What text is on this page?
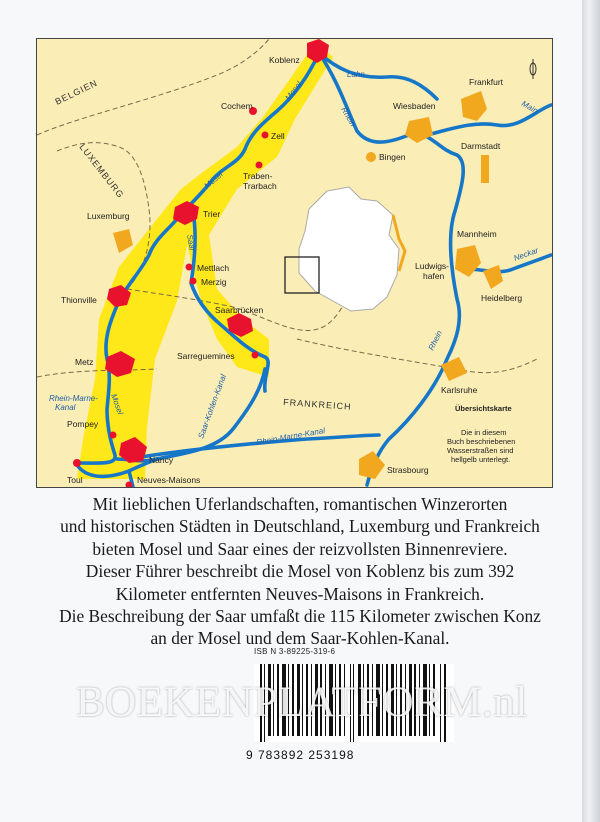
BELGIEN
LUXEMBURG
FRANKREICH
Koblenz
Cochem
Zell
Traben-
Trarbach
Trier
Mettlach
Merzig
Saarbrücken
Sarreguemines
Luxemburg
Thionville
Metz
Pompey
Nancy
Toul	Neuves-Maisons
Frankfurt
Wiesbaden
Darmstadt
Bingen
Mannheim
Ludwigs-
hafen
Heidelberg
Karlsruhe
Strasbourg
Lahn
Main
Rhein
Neckar
Rhein
Mosel
Mosel
Mosel
Saar
Saar-Kohlen-Kanal	Rhein-Marne-Kanal
Rhein-Marne-
Kanal	Übersichtskarte
Die in diesem
Buch beschriebenen
Wasserstraßen sind
hellgelb unterlegt.
Mit lieblichen Uferlandschaften, romantischen Winzerorten
und historischen Städten in Deutschland, Luxemburg und Frankreich
bieten Mosel und Saar eines der reizvollsten Binnenreviere.
Dieser Führer beschreibt die Mosel von Koblenz bis zum 392
Kilometer entfernten Neuves-Maisons in Frankreich.
Die Beschreibung der Saar umfaßt die 115 Kilometer zwischen Konz
an der Mosel und dem Saar-Kohlen-Kanal.
ISB N 3-89225-319-6
BOEKENPLATFORM.nl
9 783892 253198
